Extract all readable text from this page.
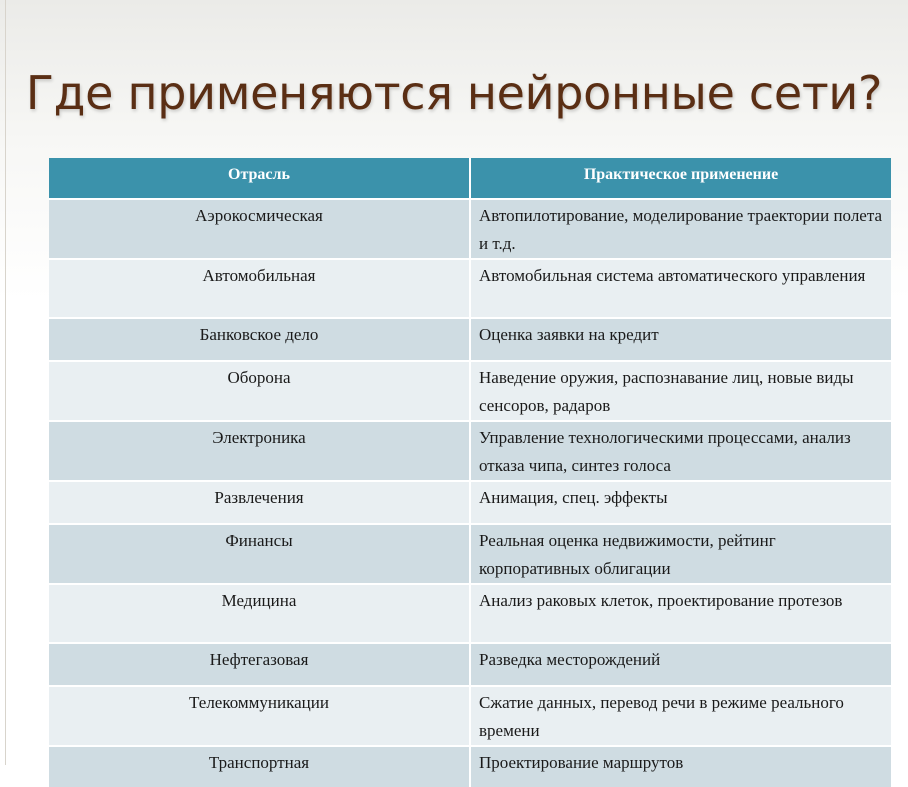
Где применяются нейронные сети?
Отрасль	Практическое применение
Аэрокосмическая	Автопилотирование, моделирование траектории полета и т.д.
Автомобильная	Автомобильная система автоматического управления
Банковское дело	Оценка заявки на кредит
Оборона	Наведение оружия, распознавание лиц, новые виды сенсоров, радаров
Электроника	Управление технологическими процессами, анализ отказа чипа, синтез голоса
Развлечения	Анимация, спец. эффекты
Финансы	Реальная оценка недвижимости, рейтинг корпоративных облигации
Медицина	Анализ раковых клеток, проектирование протезов
Нефтегазовая	Разведка месторождений
Телекоммуникации	Сжатие данных, перевод речи в режиме реального времени
Транспортная	Проектирование маршрутов
